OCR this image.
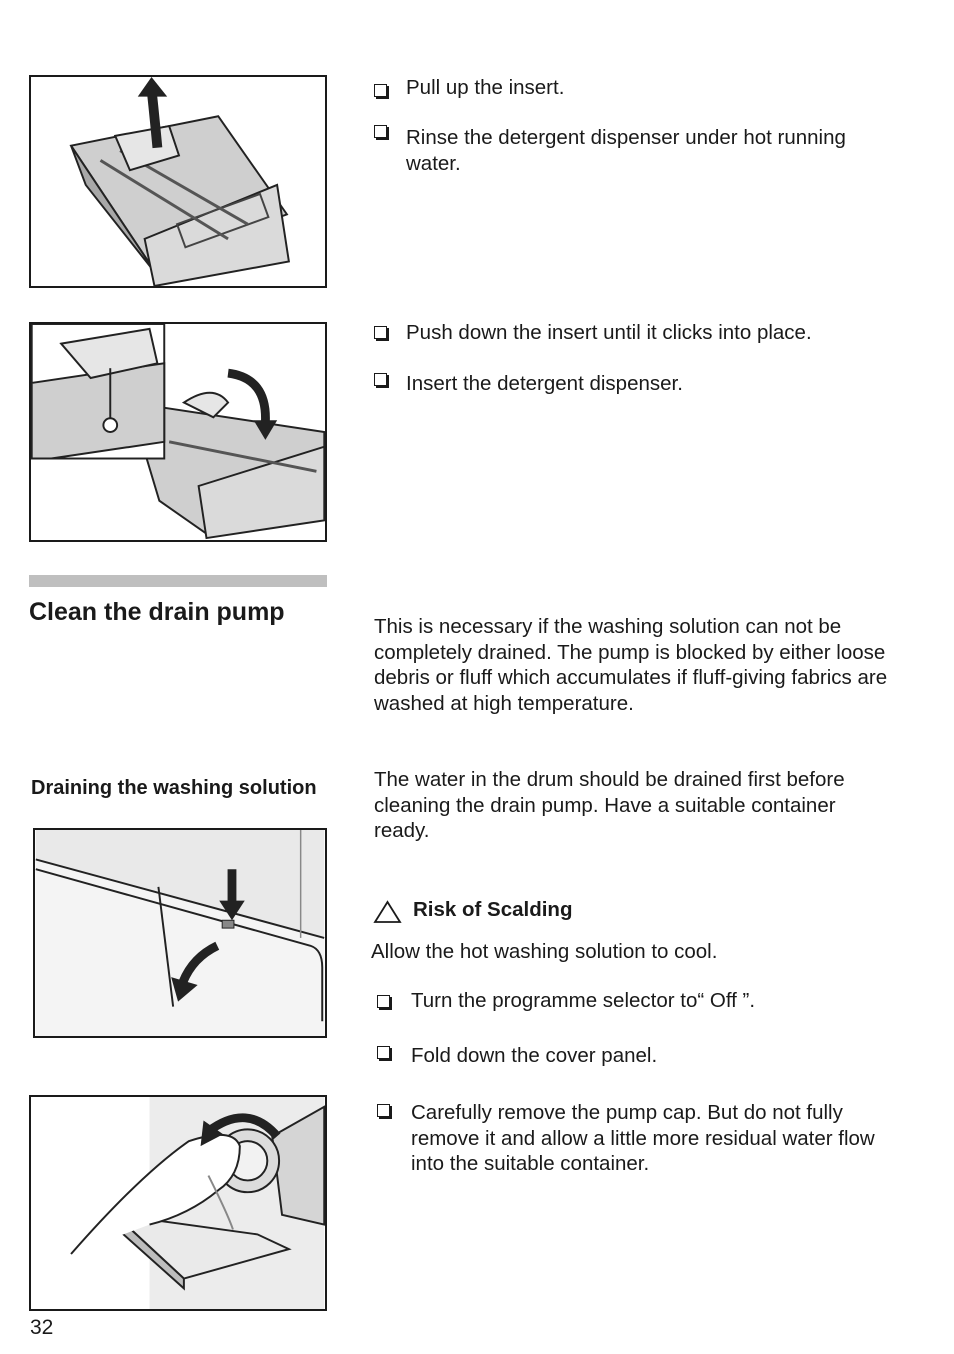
Pull up the insert.
Rinse the detergent dispenser under hot running water.
Push down the insert until it clicks into place.
Insert the detergent dispenser.
Clean the drain pump
This is necessary if the washing solution can not be completely drained. The pump is blocked by either loose debris or fluff which accumulates if fluff-giving fabrics are washed at high temperature.
Draining the washing solution	The water in the drum should be drained first before cleaning the drain pump. Have a suitable container ready.
Risk of Scalding
Allow the hot washing solution to cool.
Turn the programme selector to“ Off ”.
Fold down the cover panel.
Carefully remove the pump cap. But do not fully remove it and allow a little more residual water flow into the suitable container.
32
